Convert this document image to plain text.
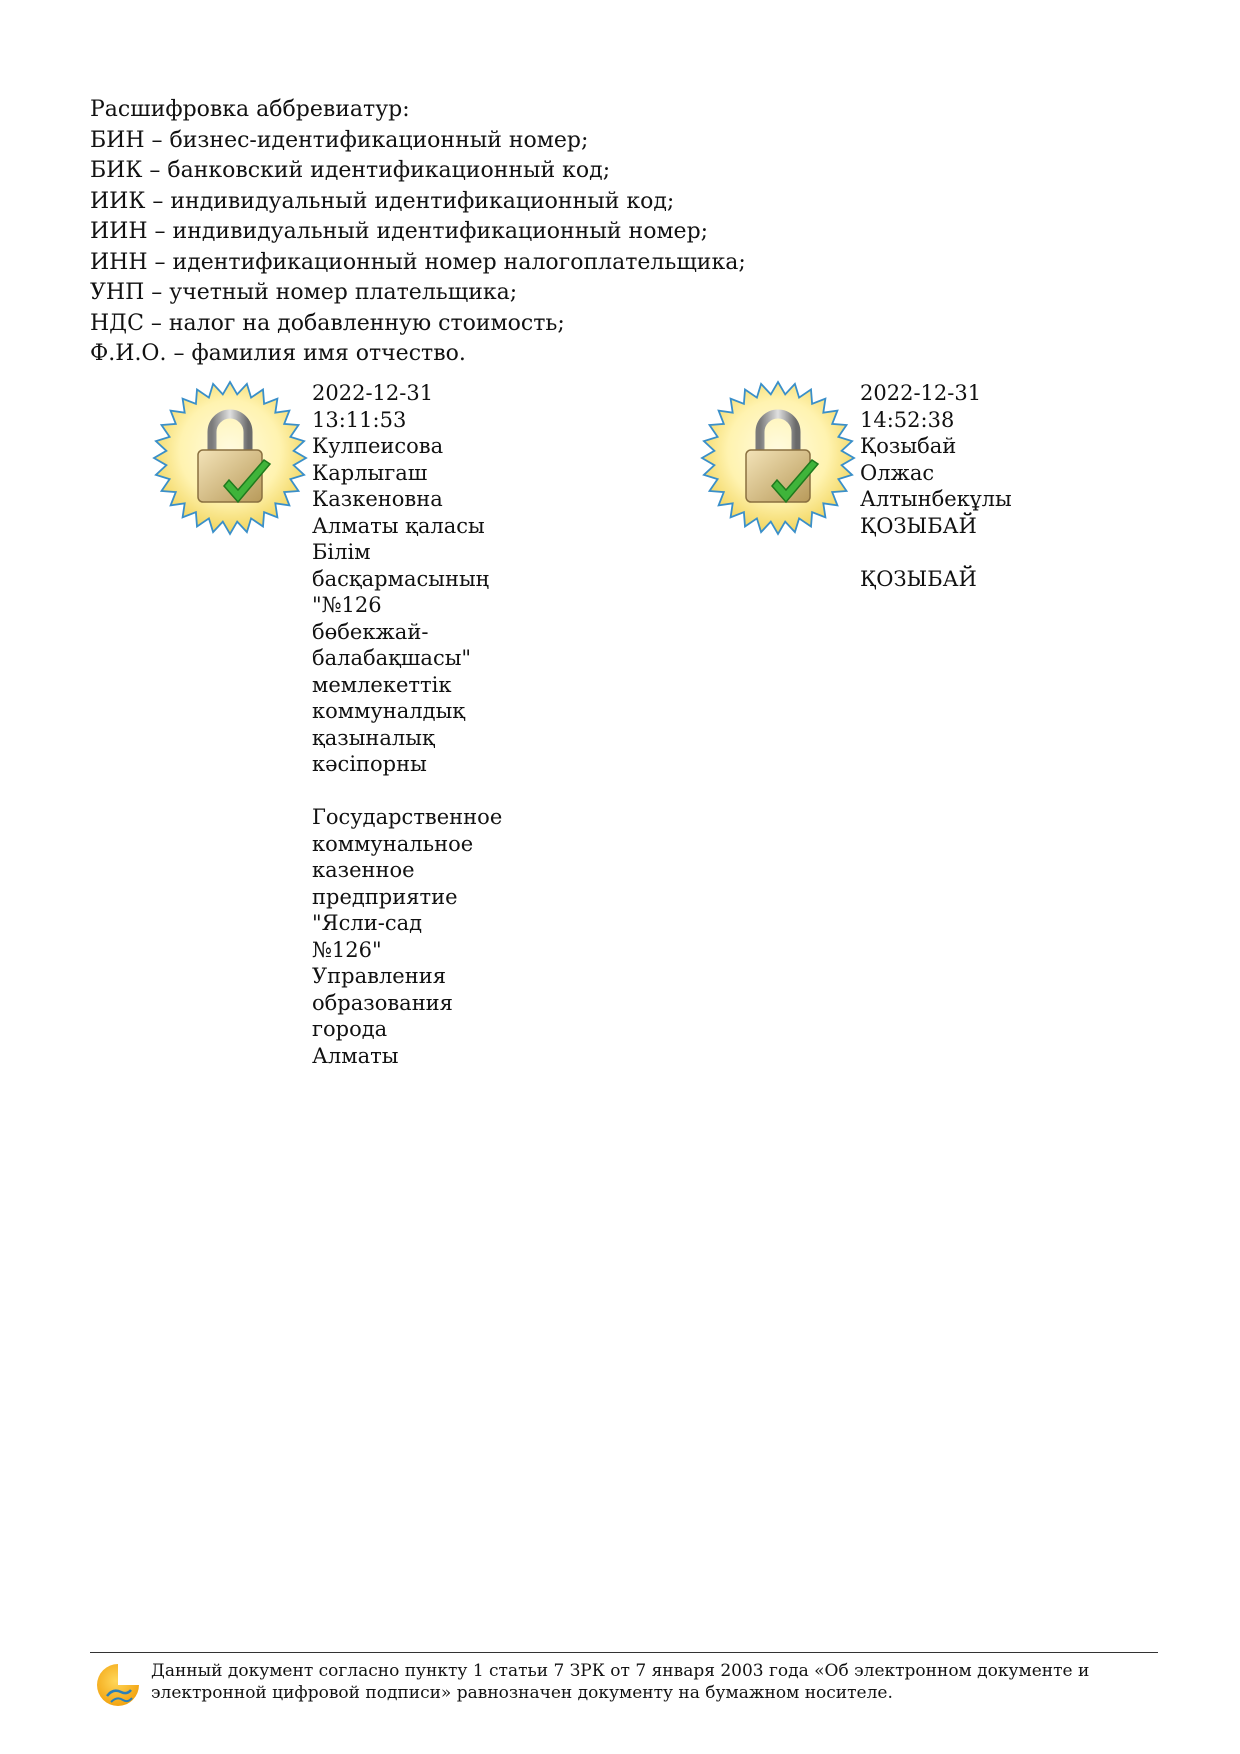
Расшифровка аббревиатур:
БИН – бизнес-идентификационный номер;
БИК – банковский идентификационный код;
ИИК – индивидуальный идентификационный код;
ИИН – индивидуальный идентификационный номер;
ИНН – идентификационный номер налогоплательщика;
УНП – учетный номер плательщика;
НДС – налог на добавленную стоимость;
Ф.И.О. – фамилия имя отчество.
2022-12-31 13:11:53
Кулпеисова Карлыгаш
Казкеновна
Алматы қаласы Білім
басқармасының "№126
бөбекжай-балабақшасы"
мемлекеттік
коммуналдық
қазыналық кәсіпорны

Государственное
коммунальное казенное
предприятие "Ясли-сад
№126" Управления
образования города
Алматы
2022-12-31 14:52:38
Қозыбай Олжас
Алтынбекұлы
ҚОЗЫБАЙ

ҚОЗЫБАЙ
Данный документ согласно пункту 1 статьи 7 ЗРК от 7 января 2003 года «Об электронном документе и электронной цифровой подписи» равнозначен документу на бумажном носителе.
